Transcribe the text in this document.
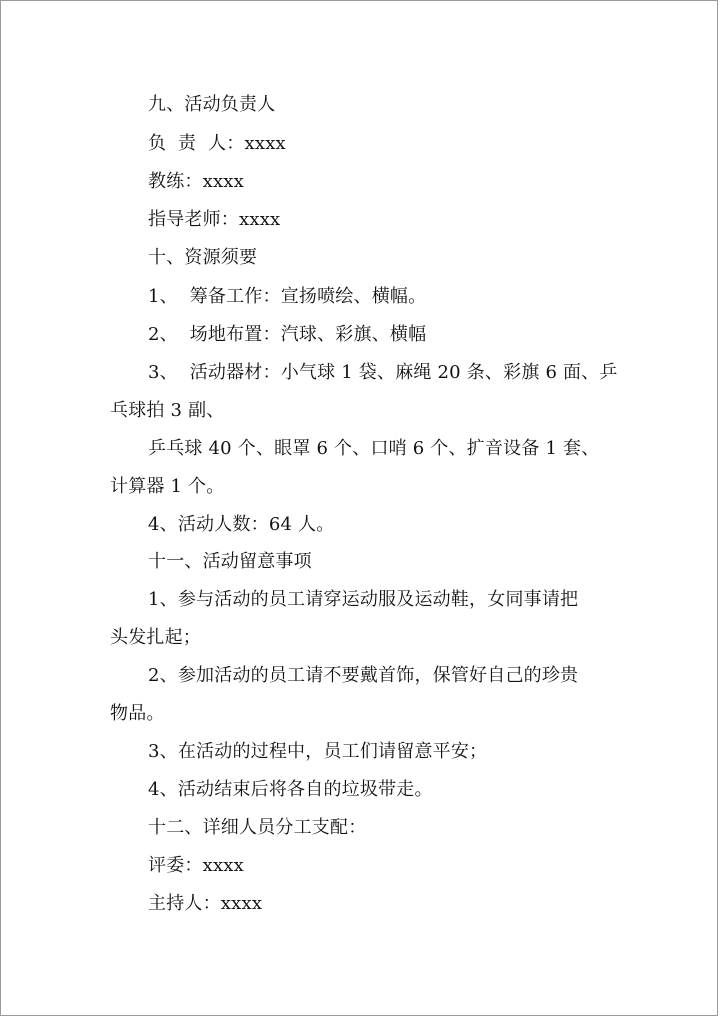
九、活动负责人

负  责  人：xxxx

教练：xxxx

指导老师：xxxx

十、资源须要

1、  筹备工作：宣扬喷绘、横幅。

2、  场地布置：汽球、彩旗、横幅

3、  活动器材：小气球 1 袋、麻绳 20 条、彩旗 6 面、乒

乓球拍 3 副、

乒乓球 40 个、眼罩 6 个、口哨 6 个、扩音设备 1 套、

计算器 1 个。

4、活动人数：64 人。

十一、活动留意事项

1、参与活动的员工请穿运动服及运动鞋，女同事请把

头发扎起；

2、参加活动的员工请不要戴首饰，保管好自己的珍贵

物品。

3、在活动的过程中，员工们请留意平安；

4、活动结束后将各自的垃圾带走。

十二、详细人员分工支配：

评委：xxxx

主持人：xxxx
